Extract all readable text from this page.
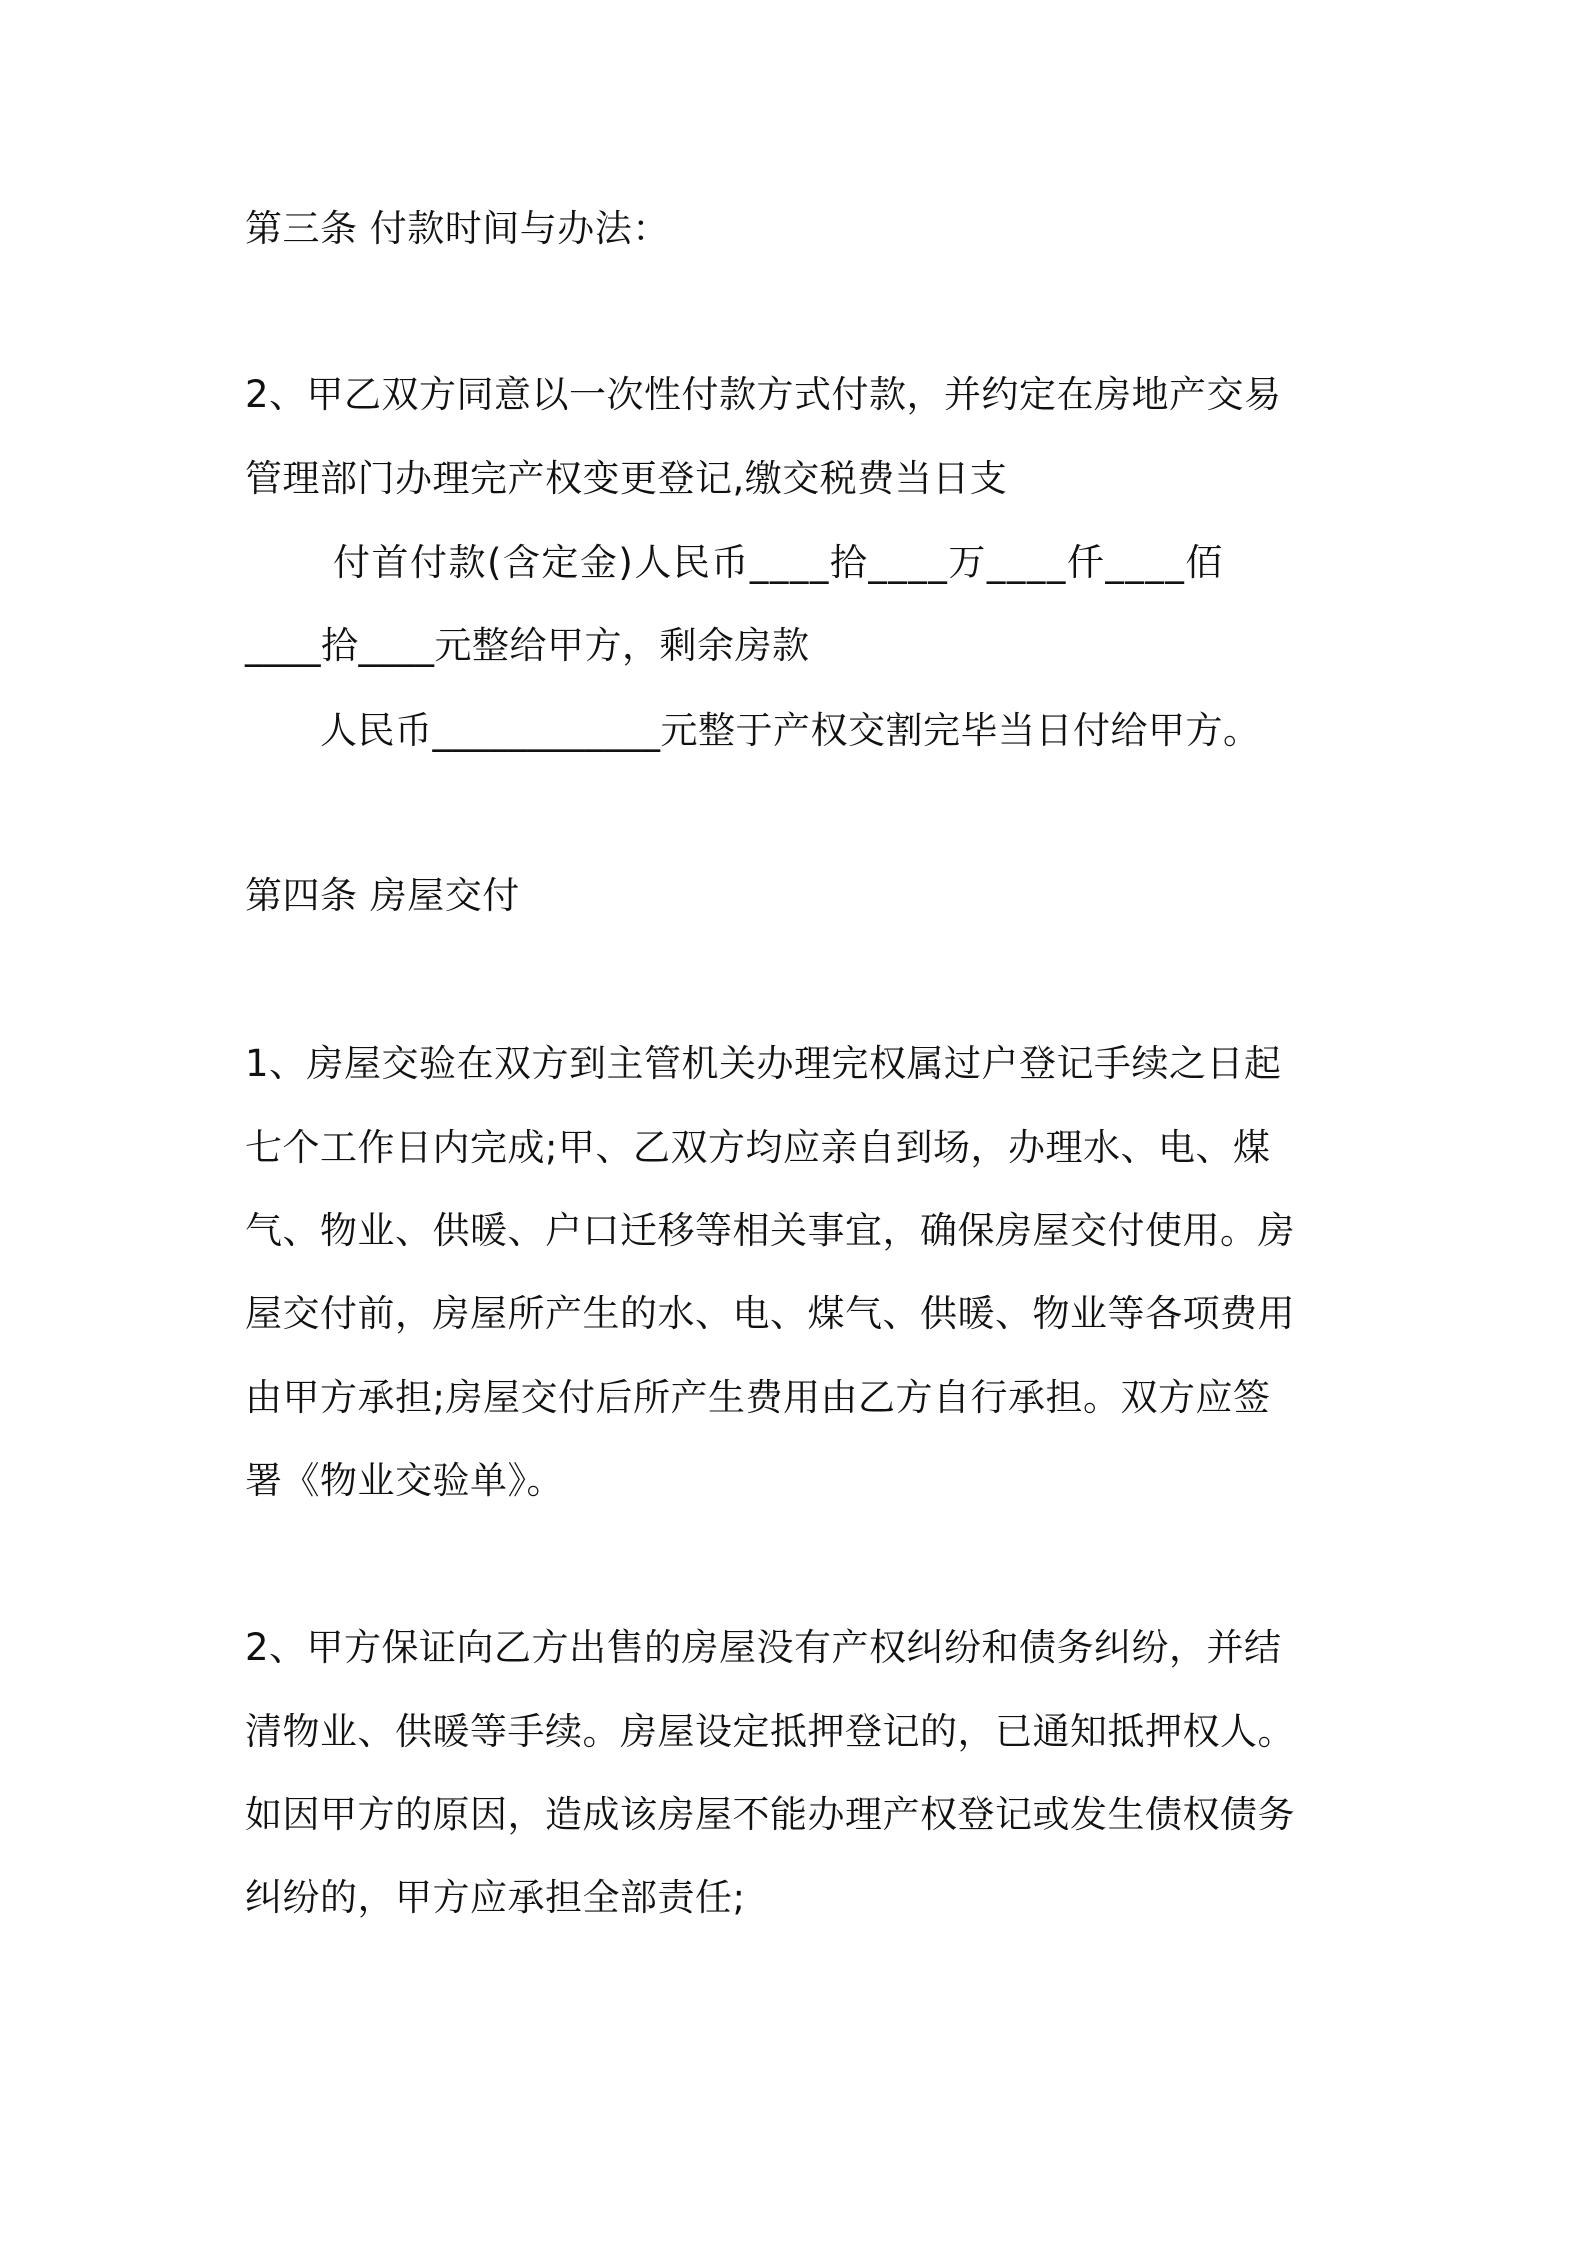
第三条 付款时间与办法：
2、甲乙双方同意以一次性付款方式付款，并约定在房地产交易
管理部门办理完产权变更登记,缴交税费当日支
付首付款(含定金)人民币____拾____万____仟____佰
____拾____元整给甲方，剩余房款
人民币____________元整于产权交割完毕当日付给甲方。
第四条 房屋交付
1、房屋交验在双方到主管机关办理完权属过户登记手续之日起
七个工作日内完成;甲、乙双方均应亲自到场，办理水、电、煤
气、物业、供暖、户口迁移等相关事宜，确保房屋交付使用。房
屋交付前，房屋所产生的水、电、煤气、供暖、物业等各项费用
由甲方承担;房屋交付后所产生费用由乙方自行承担。双方应签
署《物业交验单》。
2、甲方保证向乙方出售的房屋没有产权纠纷和债务纠纷，并结
清物业、供暖等手续。房屋设定抵押登记的，已通知抵押权人。
如因甲方的原因，造成该房屋不能办理产权登记或发生债权债务
纠纷的，甲方应承担全部责任;
